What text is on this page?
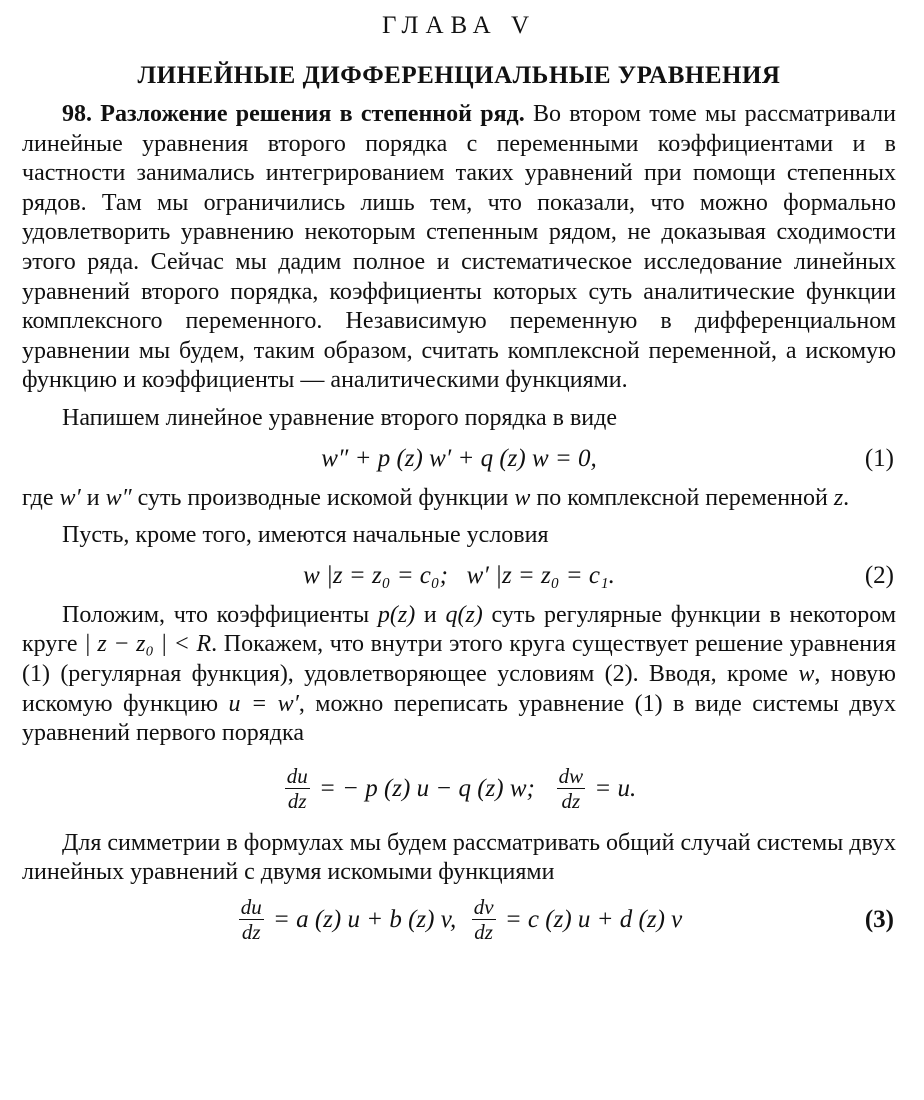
ГЛАВА V
ЛИНЕЙНЫЕ ДИФФЕРЕНЦИАЛЬНЫЕ УРАВНЕНИЯ

98. Разложение решения в степенной ряд. Во втором томе мы рассматривали линейные уравнения второго порядка с переменными коэффициентами и в частности занимались интегрированием таких уравнений при помощи степенных рядов. Там мы ограничились лишь тем, что показали, что можно формально удовлетворить уравнению некоторым степенным рядом, не доказывая сходимости этого ряда. Сейчас мы дадим полное и систематическое исследование линейных уравнений второго порядка, коэффициенты которых суть аналитические функции комплексного переменного. Независимую переменную в дифференциальном уравнении мы будем, таким образом, считать комплексной переменной, а искомую функцию и коэффициенты — аналитическими функциями.

Напишем линейное уравнение второго порядка в виде

w″ + p (z) w′ + q (z) w = 0,	(1)

где w′ и w″ суть производные искомой функции w по комплексной переменной z.

Пусть, кроме того, имеются начальные условия

w |z = z₀ = c₀;   w′ |z = z₀ = c₁.	(2)

Положим, что коэффициенты p(z) и q(z) суть регулярные функции в некотором круге | z − z₀ | < R. Покажем, что внутри этого круга существует решение уравнения (1) (регулярная функция), удовлетворяющее условиям (2). Вводя, кроме w, новую искомую функцию u = w′, можно переписать уравнение (1) в виде системы двух уравнений первого порядка

$\frac{du}{dz}$ = − p (z) u − q (z) w; $\frac{dw}{dz} = u$.

Для симметрии в формулах мы будем рассматривать общий случай системы двух линейных уравнений с двумя искомыми функциями

$\frac{du}{dz} = a$ (z) u + b (z) v, $\frac{dv}{dz} = c$ (z) u + d (z) v	(3)
